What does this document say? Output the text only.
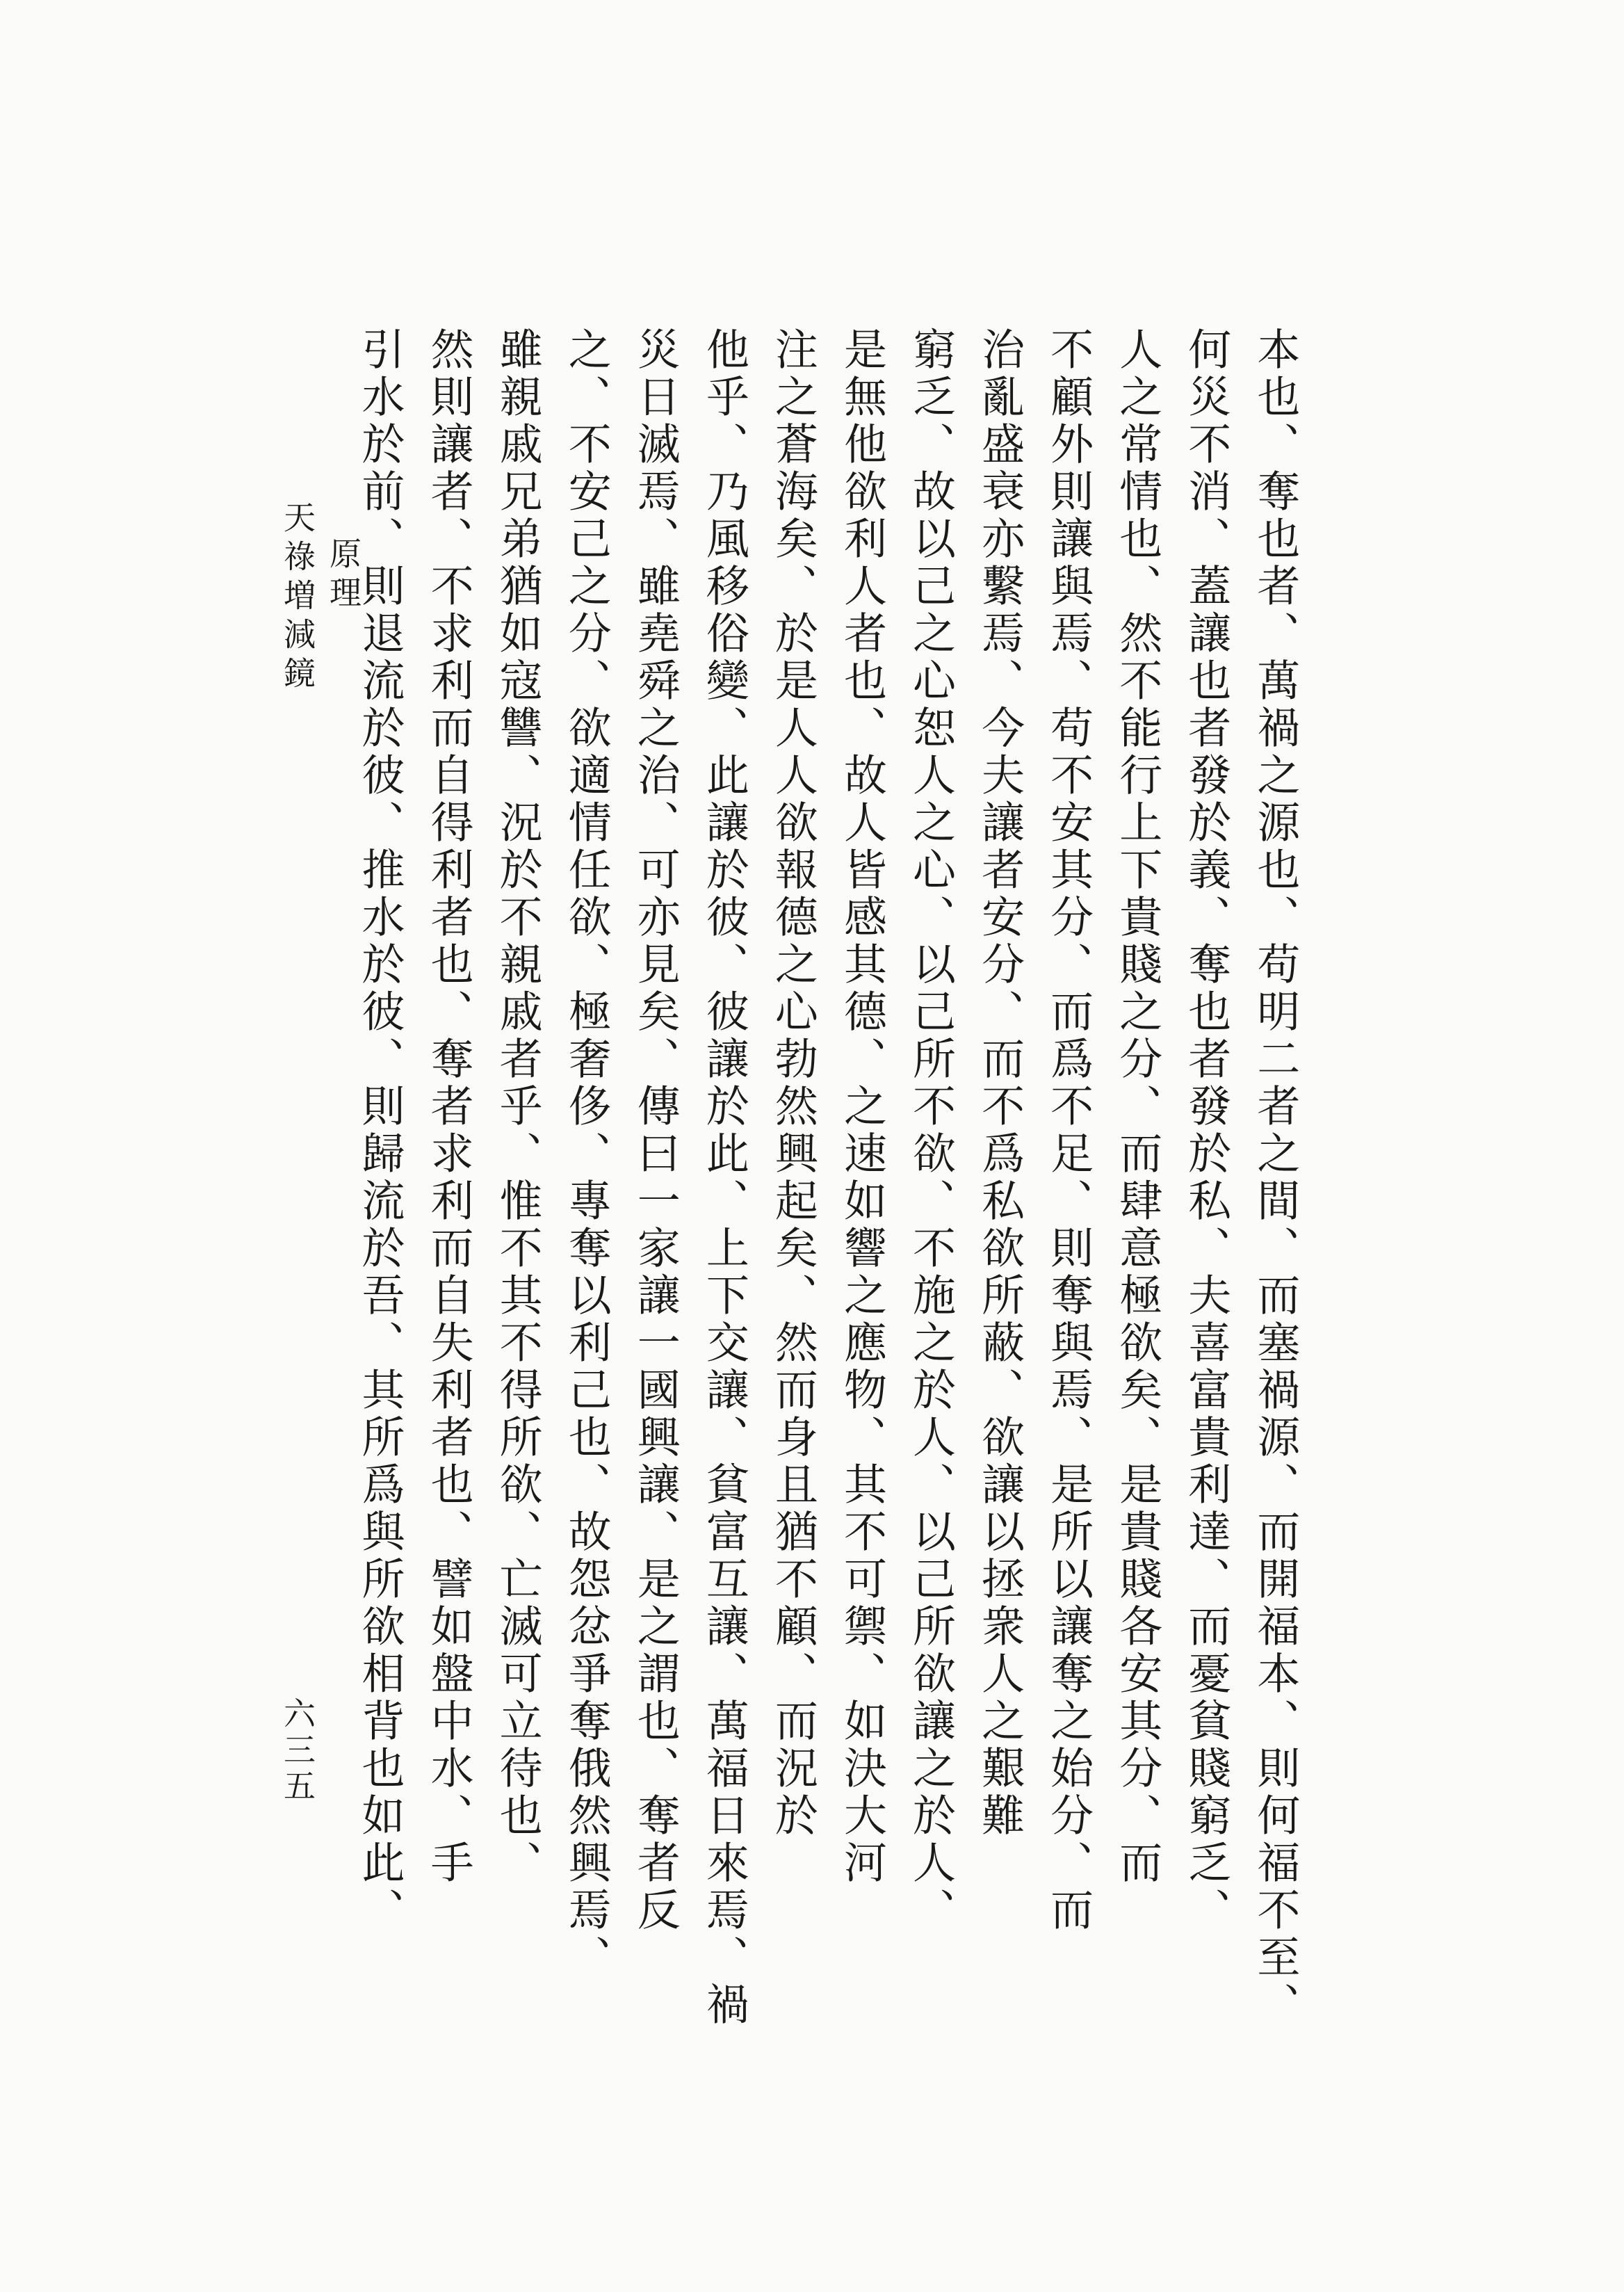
本也、奪也者、萬禍之源也、苟明二者之間、而塞禍源、而開福本、則何福不至、
何災不消、蓋讓也者發於義、奪也者發於私、夫喜富貴利達、而憂貧賤窮乏、
人之常情也、然不能行上下貴賤之分、而肆意極欲矣、是貴賤各安其分、而
不顧外則讓與焉、苟不安其分、而爲不足、則奪與焉、是所以讓奪之始分、而
治亂盛衰亦繫焉、今夫讓者安分、而不爲私欲所蔽、欲讓以拯衆人之艱難
窮乏、故以己之心恕人之心、以己所不欲、不施之於人、以己所欲讓之於人、
是無他欲利人者也、故人皆感其德、之速如響之應物、其不可禦、如決大河
注之蒼海矣、於是人人欲報德之心勃然興起矣、然而身且猶不顧、而況於
他乎、乃風移俗變、此讓於彼、彼讓於此、上下交讓、貧富互讓、萬福日來焉、禍
災日滅焉、雖堯舜之治、可亦見矣、傳曰一家讓一國興讓、是之謂也、奪者反
之、不安己之分、欲適情任欲、極奢侈、專奪以利己也、故怨忿爭奪俄然興焉、
雖親戚兄弟猶如寇讐、況於不親戚者乎、惟不其不得所欲、亡滅可立待也、
然則讓者、不求利而自得利者也、奪者求利而自失利者也、譬如盤中水、手
引水於前、則退流於彼、推水於彼、則歸流於吾、其所爲與所欲相背也如此、
原理
天祿増減鏡
六三五
